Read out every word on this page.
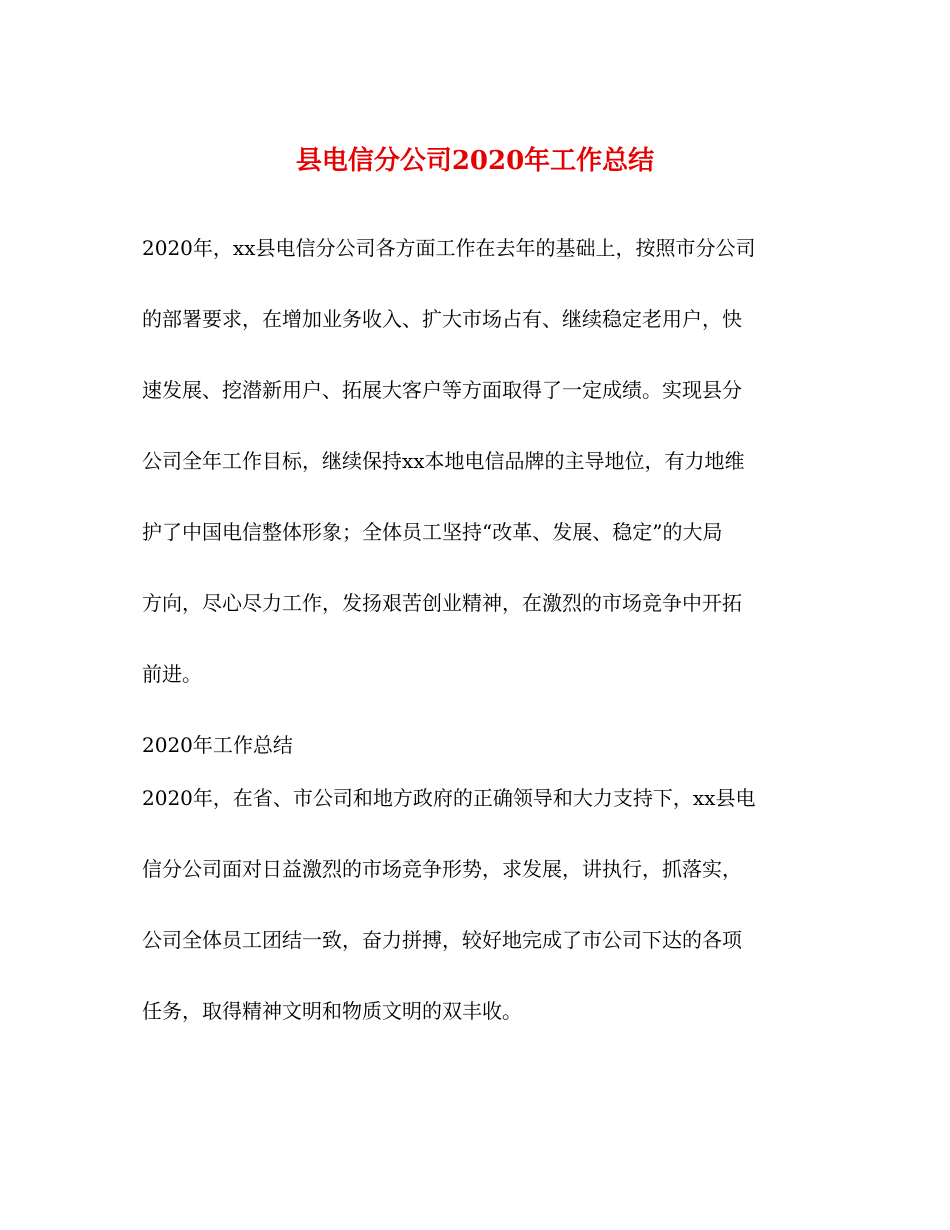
县电信分公司2020年工作总结
2020年，xx县电信分公司各方面工作在去年的基础上，按照市分公司
的部署要求，在增加业务收入、扩大市场占有、继续稳定老用户，快
速发展、挖潜新用户、拓展大客户等方面取得了一定成绩。实现县分
公司全年工作目标，继续保持xx本地电信品牌的主导地位，有力地维
护了中国电信整体形象；全体员工坚持“改革、发展、稳定”的大局
方向，尽心尽力工作，发扬艰苦创业精神，在激烈的市场竞争中开拓
前进。
2020年工作总结
2020年，在省、市公司和地方政府的正确领导和大力支持下，xx县电
信分公司面对日益激烈的市场竞争形势，求发展，讲执行，抓落实，
公司全体员工团结一致，奋力拼搏，较好地完成了市公司下达的各项
任务，取得精神文明和物质文明的双丰收。
